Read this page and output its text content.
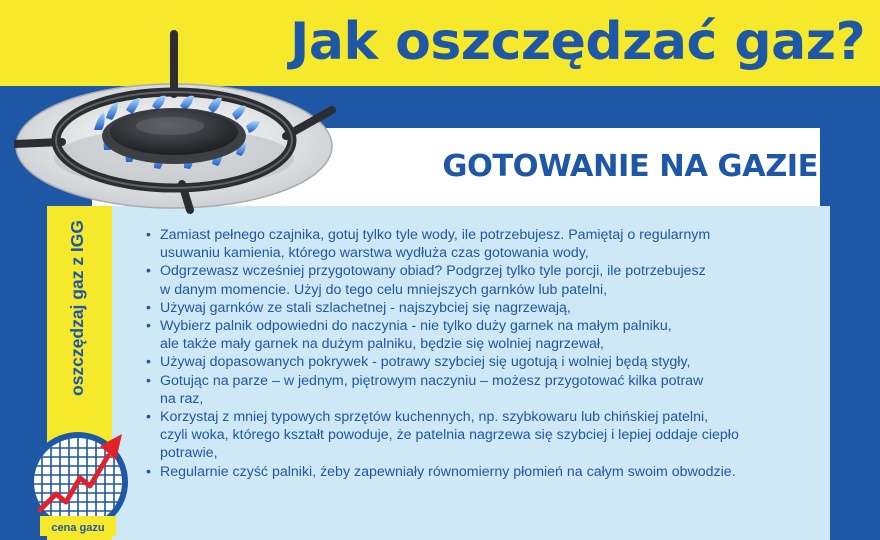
Jak oszczędzać gaz?
GOTOWANIE NA GAZIE
oszczędzaj gaz z IGG
•	Zamiast pełnego czajnika, gotuj tylko tyle wody, ile potrzebujesz. Pamiętaj o regularnym
usuwaniu kamienia, którego warstwa wydłuża czas gotowania wody,
• Odgrzewasz wcześniej przygotowany obiad? Podgrzej tylko tyle porcji, ile potrzebujesz
w danym momencie. Użyj do tego celu mniejszych garnków lub patelni,
• Używaj garnków ze stali szlachetnej - najszybciej się nagrzewają,
• Wybierz palnik odpowiedni do naczynia - nie tylko duży garnek na małym palniku,
ale także mały garnek na dużym palniku, będzie się wolniej nagrzewał,
• Używaj dopasowanych pokrywek - potrawy szybciej się ugotują i wolniej będą stygły,
• Gotując na parze – w jednym, piętrowym naczyniu – możesz przygotować kilka potraw
na raz,
• Korzystaj z mniej typowych sprzętów kuchennych, np. szybkowaru lub chińskiej patelni,
czyli woka, którego kształt powoduje, że patelnia nagrzewa się szybciej i lepiej oddaje ciepło
potrawie,
• Regularnie czyść palniki, żeby zapewniały równomierny płomień na całym swoim obwodzie.
cena gazu
